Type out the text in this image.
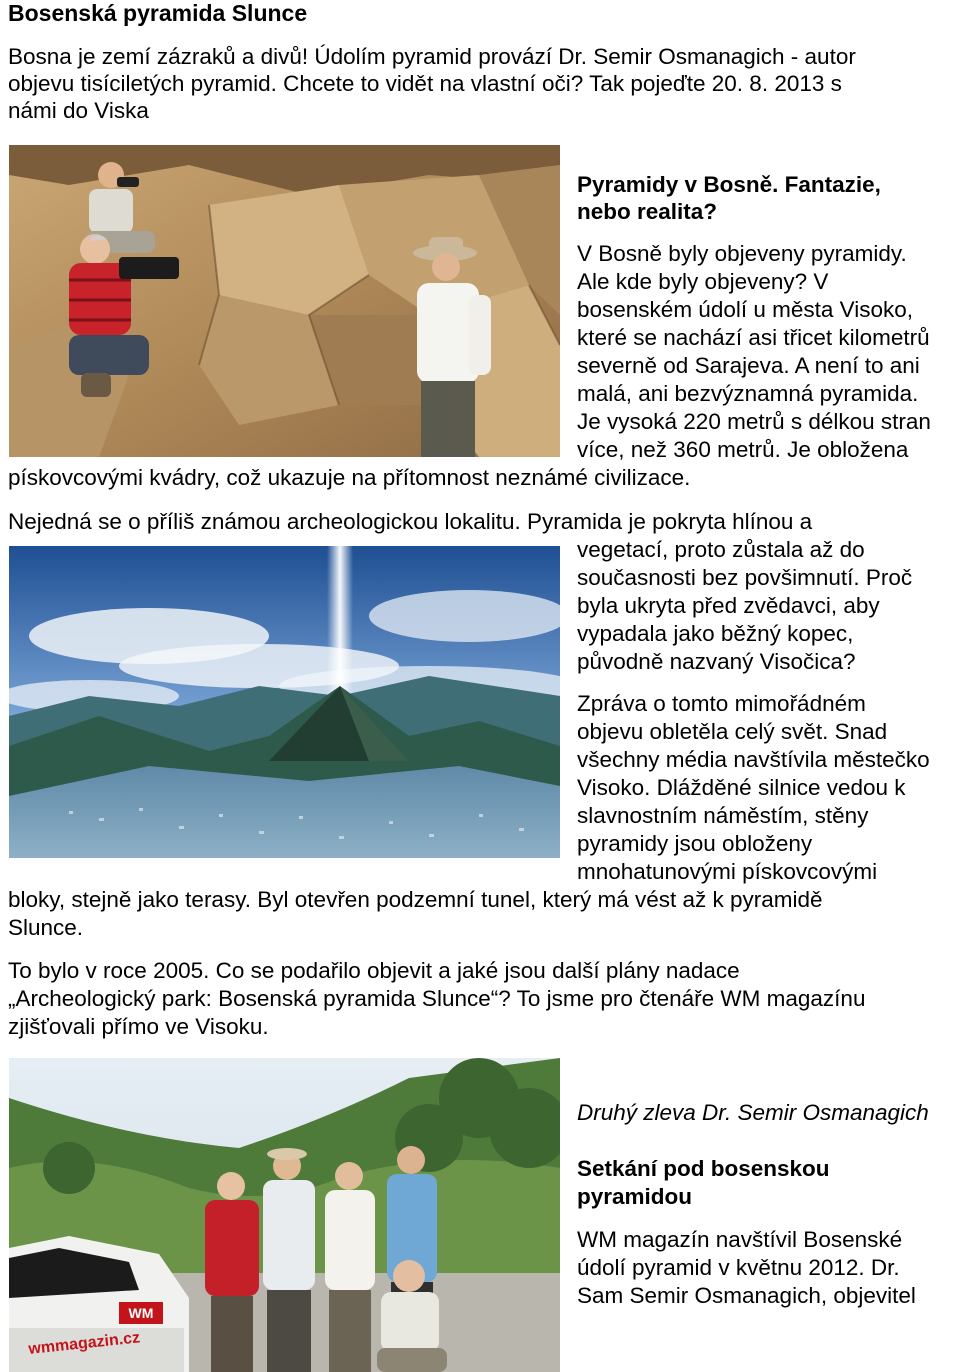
Bosenská pyramida Slunce

Bosna je zemí zázraků a divů! Údolím pyramid provází Dr. Semir Osmanagich - autor

objevu tisíciletých pyramid. Chcete to vidět na vlastní oči? Tak pojeďte 20. 8. 2013 s

námi do Viska

Pyramidy v Bosně. Fantazie,

nebo realita?

V Bosně byly objeveny pyramidy.

Ale kde byly objeveny? V

bosenském údolí u města Visoko,

které se nachází asi třicet kilometrů

severně od Sarajeva. A není to ani

malá, ani bezvýznamná pyramida.

Je vysoká 220 metrů s délkou stran

více, než 360 metrů. Je obložena

pískovcovými kvádry, což ukazuje na přítomnost neznámé civilizace.

Nejedná se o příliš známou archeologickou lokalitu. Pyramida je pokryta hlínou a

vegetací, proto zůstala až do

současnosti bez povšimnutí. Proč

byla ukryta před zvědavci, aby

vypadala jako běžný kopec,

původně nazvaný Visočica?

Zpráva o tomto mimořádném

objevu obletěla celý svět. Snad

všechny média navštívila městečko

Visoko. Dlážděné silnice vedou k

slavnostním náměstím, stěny

pyramidy jsou obloženy

mnohatunovými pískovcovými

bloky, stejně jako terasy. Byl otevřen podzemní tunel, který má vést až k pyramidě

Slunce.

To bylo v roce 2005. Co se podařilo objevit a jaké jsou další plány nadace

„Archeologický park: Bosenská pyramida Slunce“? To jsme pro čtenáře WM magazínu

zjišťovali přímo ve Visoku.

WM
wmmagazin.cz

Druhý zleva Dr. Semir Osmanagich

Setkání pod bosenskou

pyramidou

WM magazín navštívil Bosenské

údolí pyramid v květnu 2012. Dr.

Sam Semir Osmanagich, objevitel
